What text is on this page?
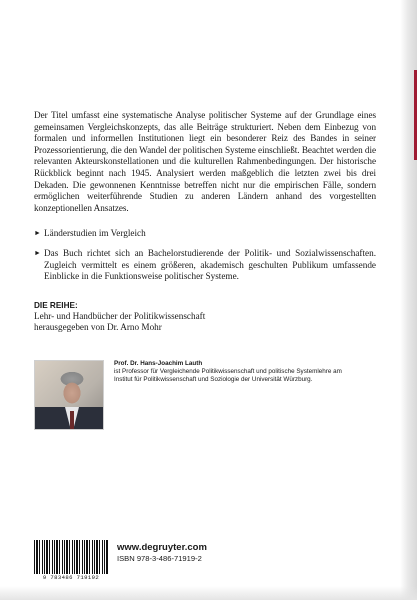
Der Titel umfasst eine systematische Analyse politischer Systeme auf der Grundlage eines gemeinsamen Vergleichskonzepts, das alle Beiträge strukturiert. Neben dem Einbezug von formalen und informellen Institutionen liegt ein besonderer Reiz des Bandes in seiner Prozessorientierung, die den Wandel der politischen Systeme einschließt. Beachtet werden die relevanten Akteurskonstellationen und die kulturellen Rahmenbedingungen. Der historische Rückblick beginnt nach 1945. Analysiert werden maßgeblich die letzten zwei bis drei Dekaden. Die gewonnenen Kenntnisse betreffen nicht nur die empirischen Fälle, sondern ermöglichen weiterführende Studien zu anderen Ländern anhand des vorgestellten konzeptionellen Ansatzes.

► Länderstudien im Vergleich
► Das Buch richtet sich an Bachelorstudierende der Politik- und Sozialwissenschaften. Zugleich vermittelt es einem größeren, akademisch geschulten Publikum umfassende Einblicke in die Funktionsweise politischer Systeme.

DIE REIHE:

Lehr- und Handbücher der Politikwissenschaft

herausgegeben von Dr. Arno Mohr

Prof. Dr. Hans-Joachim Lauth
ist Professor für Vergleichende Politikwissenschaft und politische Systemlehre am Institut für Politikwissenschaft und Soziologie der Universität Würzburg.
9 783486 719192
www.degruyter.com
ISBN 978-3-486-71919-2
